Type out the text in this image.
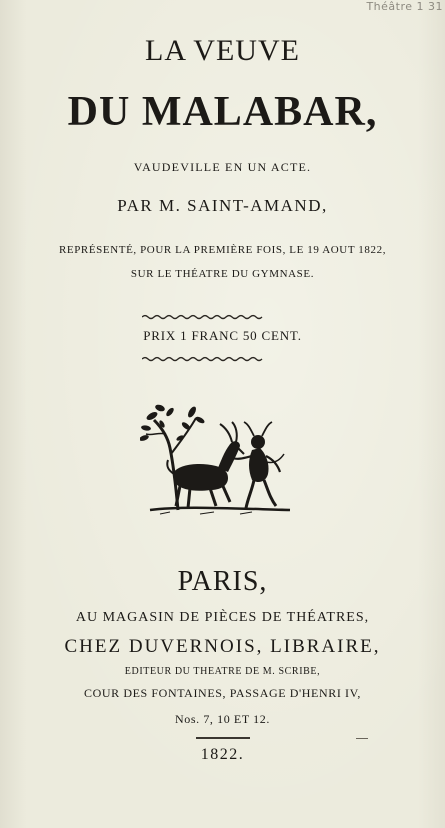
Théâtre 1 31

LA VEUVE

DU MALABAR,

VAUDEVILLE EN UN ACTE.

PAR M. SAINT-AMAND,

REPRÉSENTÉ, POUR LA PREMIÈRE FOIS, LE 19 AOUT 1822,

SUR LE THÉATRE DU GYMNASE.

PRIX 1 FRANC 50 CENT.

PARIS,

AU MAGASIN DE PIÈCES DE THÉATRES,

CHEZ DUVERNOIS, LIBRAIRE,

EDITEUR DU THEATRE DE M. SCRIBE,

COUR DES FONTAINES, PASSAGE D'HENRI IV,

Nos. 7, 10 ET 12.

1822.
